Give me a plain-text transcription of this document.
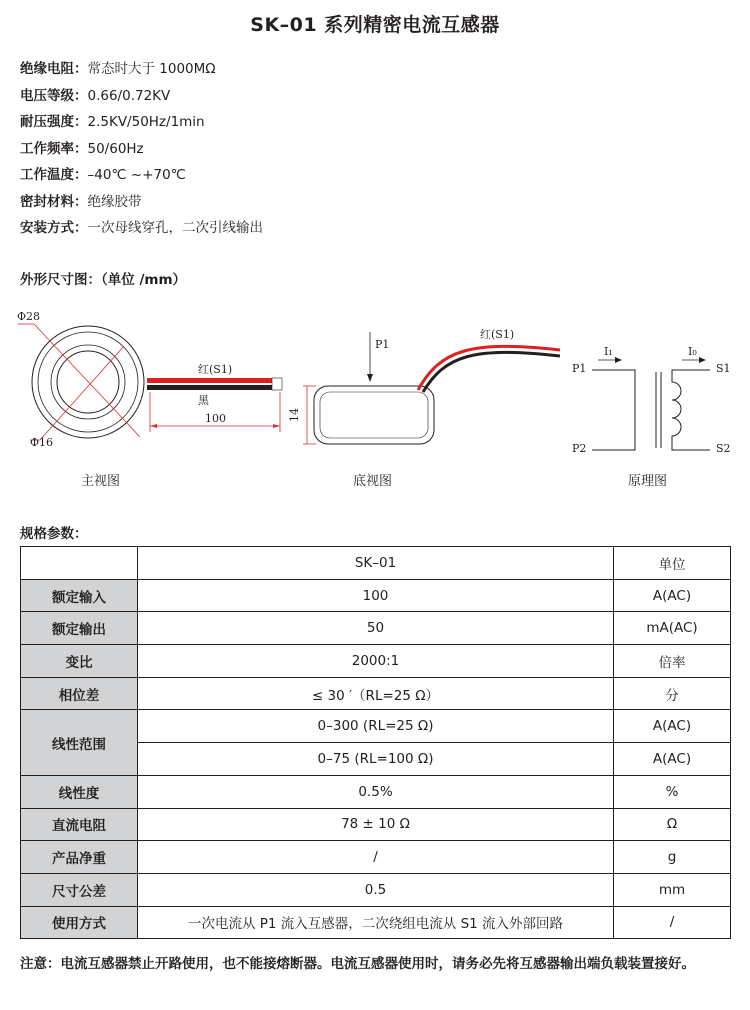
SK–01 系列精密电流互感器
绝缘电阻：常态时大于 1000MΩ
电压等级：0.66/0.72KV
耐压强度：2.5KV/50Hz/1min
工作频率：50/60Hz
工作温度：–40℃ ~+70℃
密封材料：绝缘胶带
安装方式：一次母线穿孔，二次引线输出
外形尺寸图：（单位 /mm）
Φ28
Φ16
红(S1)
黑
100
P1
14
红(S1)
I₁	I₀
P1
P2
S1
S2
主视图	底视图	原理图
规格参数：
	SK–01	单位
额定输入	100	A(AC)
额定输出	50	mA(AC)
变比	2000:1	倍率
相位差	≤ 30 ′（RL=25 Ω）	分
线性范围	0–300 (RL=25 Ω)	A(AC)
	0–75 (RL=100 Ω)	A(AC)
线性度	0.5%	%
直流电阻	78 ± 10 Ω	Ω
产品净重	/	g
尺寸公差	0.5	mm
使用方式	一次电流从 P1 流入互感器，二次绕组电流从 S1 流入外部回路	/
注意：电流互感器禁止开路使用，也不能接熔断器。电流互感器使用时，请务必先将互感器输出端负载装置接好。
